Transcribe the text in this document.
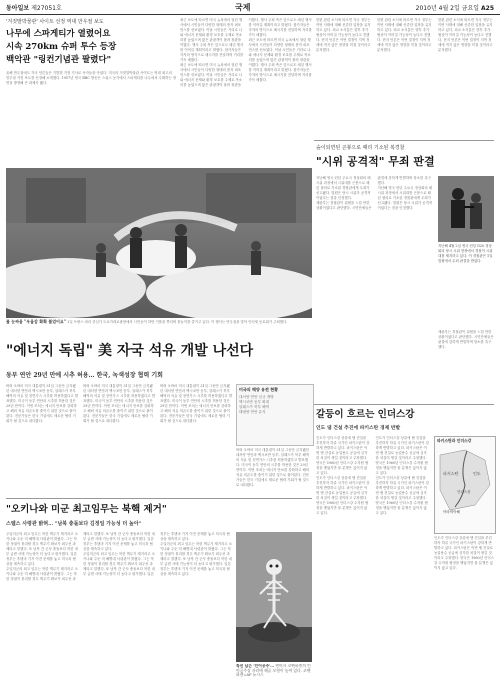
동아일보 제27051호	국제	2010년 4월 2일 금요일 A25
'겨짓말박물관' 사이트 선정 역대 만우절 보도
나무에 스파게티가 열렸어요
시속 270km 슈퍼 투수 등장
백악관 "링컨기념관 팔렸다"
올해 만우절에도 각국 언론들은 기발한 거짓 기사로 독자들을 속였다. 미국의 거짓말박물관 사이트는 역대 최고의 만우절 거짓 보도를 선정해 소개했다. 1957년 영국 BBC 방송은 스위스 농가에서 스파게티를 나무에서 수확하는 장면을 방영해 큰 화제가 됐다.
최근 보도에 따르면 미국 뉴욕에서 열린 행사에서 시민들이 다양한 형태의 풍자 퍼포먼스를 선보였다. 이날 시민들은 거리로 나와 에너지 문제와 환경 보호를 주제로 목소리를 높였으며 많은 관광객이 몰려 장관을 이뤘다. 행사 주최 측은 앞으로도 매년 행사를 이어갈 계획이라고 밝혔다. 참가자들은 각자의 방식으로 메시지를 전달하며 거리를 가득 메웠다.
최근 보도에 따르면 미국 뉴욕에서 열린 행사에서 시민들이 다양한 형태의 풍자 퍼포먼스를 선보였다. 이날 시민들은 거리로 나와 에너지 문제와 환경 보호를 주제로 목소리를 높였으며 많은 관광객이 몰려 장관을 이뤘다. 행사 주최 측은 앞으로도 매년 행사를 이어갈 계획이라고 밝혔다. 참가자들은 각자의 방식으로 메시지를 전달하며 거리를 가득 메웠다.
최근 보도에 따르면 미국 뉴욕에서 열린 행사에서 시민들이 다양한 형태의 풍자 퍼포먼스를 선보였다. 이날 시민들은 거리로 나와 에너지 문제와 환경 보호를 주제로 목소리를 높였으며 많은 관광객이 몰려 장관을 이뤘다. 행사 주최 측은 앞으로도 매년 행사를 이어갈 계획이라고 밝혔다. 참가자들은 각자의 방식으로 메시지를 전달하며 거리를 가득 메웠다.
한편 관련 소식에 따르면 각국 정부는 이번 사태에 대해 신중한 입장을 유지하고 있다. 외교 소식통은 향후 추가 협상이 이어질 가능성이 높다고 전했다. 현지 언론은 이번 결정이 지역 정세에 적지 않은 영향을 미칠 것이라고 분석했다.
한편 관련 소식에 따르면 각국 정부는 이번 사태에 대해 신중한 입장을 유지하고 있다. 외교 소식통은 향후 추가 협상이 이어질 가능성이 높다고 전했다. 현지 언론은 이번 결정이 지역 정세에 적지 않은 영향을 미칠 것이라고 분석했다.
한편 관련 소식에 따르면 각국 정부는 이번 사태에 대해 신중한 입장을 유지하고 있다. 외교 소식통은 향후 추가 협상이 이어질 가능성이 높다고 전했다. 현지 언론은 이번 결정이 지역 정세에 적지 않은 영향을 미칠 것이라고 분석했다.
물 눈싸움 "우울감 확확 풀었어요" 1일 프랑스 파리 중심가 트로카데로광장에서 시민들이 하얀 거품을 뿌리며 물놀이를 즐기고 있다. 이 행사는 만우절을 맞아 인터넷 동호회가 주최했다.
"에너지 독립" 美 자국 석유 개발 나선다
동부 연안 29년 만에 시추 허용… 한국, 녹색성장 협력 기회
버락 오바마 미국 대통령이 31일 그동안 금지됐던 대서양 연안과 멕시코만 동부, 알래스카 북부 해역의 석유 및 천연가스 시추를 허용하겠다고 발표했다. 미국이 동부 연안의 시추를 허용한 것은 29년 만이다. 이번 조치는 에너지 안보를 강화하고 해외 석유 의존도를 줄이기 위한 것으로 풀이된다. 전문가들은 한국 기업에도 새로운 협력 기회가 될 것으로 내다봤다.
버락 오바마 미국 대통령이 31일 그동안 금지됐던 대서양 연안과 멕시코만 동부, 알래스카 북부 해역의 석유 및 천연가스 시추를 허용하겠다고 발표했다. 미국이 동부 연안의 시추를 허용한 것은 29년 만이다. 이번 조치는 에너지 안보를 강화하고 해외 석유 의존도를 줄이기 위한 것으로 풀이된다. 전문가들은 한국 기업에도 새로운 협력 기회가 될 것으로 내다봤다.
버락 오바마 미국 대통령이 31일 그동안 금지됐던 대서양 연안과 멕시코만 동부, 알래스카 북부 해역의 석유 및 천연가스 시추를 허용하겠다고 발표했다. 미국이 동부 연안의 시추를 허용한 것은 29년 만이다. 이번 조치는 에너지 안보를 강화하고 해외 석유 의존도를 줄이기 위한 것으로 풀이된다. 전문가들은 한국 기업에도 새로운 협력 기회가 될 것으로 내다봤다.
미국의 해양 유전 현황
대서양 연안 신규 개방
멕시코만 동부 확대
알래스카 북부 해역
태평양 연안 유지
버락 오바마 미국 대통령이 31일 그동안 금지됐던 대서양 연안과 멕시코만 동부, 알래스카 북부 해역의 석유 및 천연가스 시추를 허용하겠다고 발표했다. 미국이 동부 연안의 시추를 허용한 것은 29년 만이다. 이번 조치는 에너지 안보를 강화하고 해외 석유 의존도를 줄이기 위한 것으로 풀이된다. 전문가들은 한국 기업에도 새로운 협력 기회가 될 것으로 내다봤다.
숲이되면된 곤봉으로 때리 기소된 복경찰
"시위 공격적" 무죄 판결
지난해 영국 런던 주요국 정상회의 때 시위 과정에서 시위대를 곤봉으로 때린 혐의로 기소된 경찰관에게 무죄가 선고됐다. 법원은 당시 시위가 공격적이었다는 점을 인정했다.
재판부는 경찰관이 위협을 느낄 만한 상황이었다고 판단했다. 시민단체들은 판결에 강하게 반발하며 항소를 촉구했다.
지난해 영국 런던 주요국 정상회의 때 시위 과정에서 시위대를 곤봉으로 때린 혐의로 기소된 경찰관에게 무죄가 선고됐다. 법원은 당시 시위가 공격적이었다는 점을 인정했다.
지난해 4월 2일 영국 런던 G20 정상회의 당시 시위 현장에서 경찰이 시위대를 제지하고 있다. 이 경찰관은 1일 법원에서 무죄 판결을 받았다.
재판부는 경찰관이 위협을 느낄 만한 상황이었다고 판단했다. 시민단체들은 판결에 강하게 반발하며 항소를 촉구했다.
갈등이 흐르는 인더스강
인도 댐 건설 추진에 파키스탄 경제 반발
인도가 인더스강 상류에 댐 건설을 추진하자 하류 국가인 파키스탄이 강하게 반발하고 있다. 파키스탄은 이번 댐 건설로 농업용수 공급에 심각한 차질이 생길 것이라고 주장했다. 양국은 1960년 인더스강 수자원 협정을 맺었지만 물 분쟁은 끊이지 않고 있다.
인도가 인더스강 상류에 댐 건설을 추진하자 하류 국가인 파키스탄이 강하게 반발하고 있다. 파키스탄은 이번 댐 건설로 농업용수 공급에 심각한 차질이 생길 것이라고 주장했다. 양국은 1960년 인더스강 수자원 협정을 맺었지만 물 분쟁은 끊이지 않고 있다.
인도가 인더스강 상류에 댐 건설을 추진하자 하류 국가인 파키스탄이 강하게 반발하고 있다. 파키스탄은 이번 댐 건설로 농업용수 공급에 심각한 차질이 생길 것이라고 주장했다. 양국은 1960년 인더스강 수자원 협정을 맺었지만 물 분쟁은 끊이지 않고 있다.
인도가 인더스강 상류에 댐 건설을 추진하자 하류 국가인 파키스탄이 강하게 반발하고 있다. 파키스탄은 이번 댐 건설로 농업용수 공급에 심각한 차질이 생길 것이라고 주장했다. 양국은 1960년 인더스강 수자원 협정을 맺었지만 물 분쟁은 끊이지 않고 있다.
파키스탄과 인더스강
파키스탄	인도
인더스강
아라비아해
인도가 인더스강 상류에 댐 건설을 추진하자 하류 국가인 파키스탄이 강하게 반발하고 있다. 파키스탄은 이번 댐 건설로 농업용수 공급에 심각한 차질이 생길 것이라고 주장했다. 양국은 1960년 인더스강 수자원 협정을 맺었지만 물 분쟁은 끊이지 않고 있다.
"오키나와 미군 최고임무는 북핵 제거"
스텔스 사령관 밝혀… "남북 충돌보다 김정일 가능성 더 높아"
주일미군의 최고 임무는 북한 핵무기 제거라고 오키나와 주둔 미 해병대 사령관이 밝혔다. 그는 북한 정권이 붕괴할 경우 핵무기 확보가 최우선 과제라고 말했다. 또 남북 간 군사 충돌보다 북한 내부 급변 사태 가능성이 더 높다고 평가했다. 일본 정부는 후텐마 기지 이전 문제를 놓고 미국과 협상을 계속하고 있다.
주일미군의 최고 임무는 북한 핵무기 제거라고 오키나와 주둔 미 해병대 사령관이 밝혔다. 그는 북한 정권이 붕괴할 경우 핵무기 확보가 최우선 과제라고 말했다. 또 남북 간 군사 충돌보다 북한 내부 급변 사태 가능성이 더 높다고 평가했다. 일본 정부는 후텐마 기지 이전 문제를 놓고 미국과 협상을 계속하고 있다.
주일미군의 최고 임무는 북한 핵무기 제거라고 오키나와 주둔 미 해병대 사령관이 밝혔다. 그는 북한 정권이 붕괴할 경우 핵무기 확보가 최우선 과제라고 말했다. 또 남북 간 군사 충돌보다 북한 내부 급변 사태 가능성이 더 높다고 평가했다. 일본 정부는 후텐마 기지 이전 문제를 놓고 미국과 협상을 계속하고 있다.
주일미군의 최고 임무는 북한 핵무기 제거라고 오키나와 주둔 미 해병대 사령관이 밝혔다. 그는 북한 정권이 붕괴할 경우 핵무기 확보가 최우선 과제라고 말했다. 또 남북 간 군사 충돌보다 북한 내부 급변 사태 가능성이 더 높다고 평가했다. 일본 정부는 후텐마 기지 이전 문제를 놓고 미국과 협상을 계속하고 있다.
특선 납은 '인어공주'… 덴마크 코펜하겐의 인어공주상 자리에 해골 모형이 놓여 있다. 코펜하겐=AP 뉴시스
